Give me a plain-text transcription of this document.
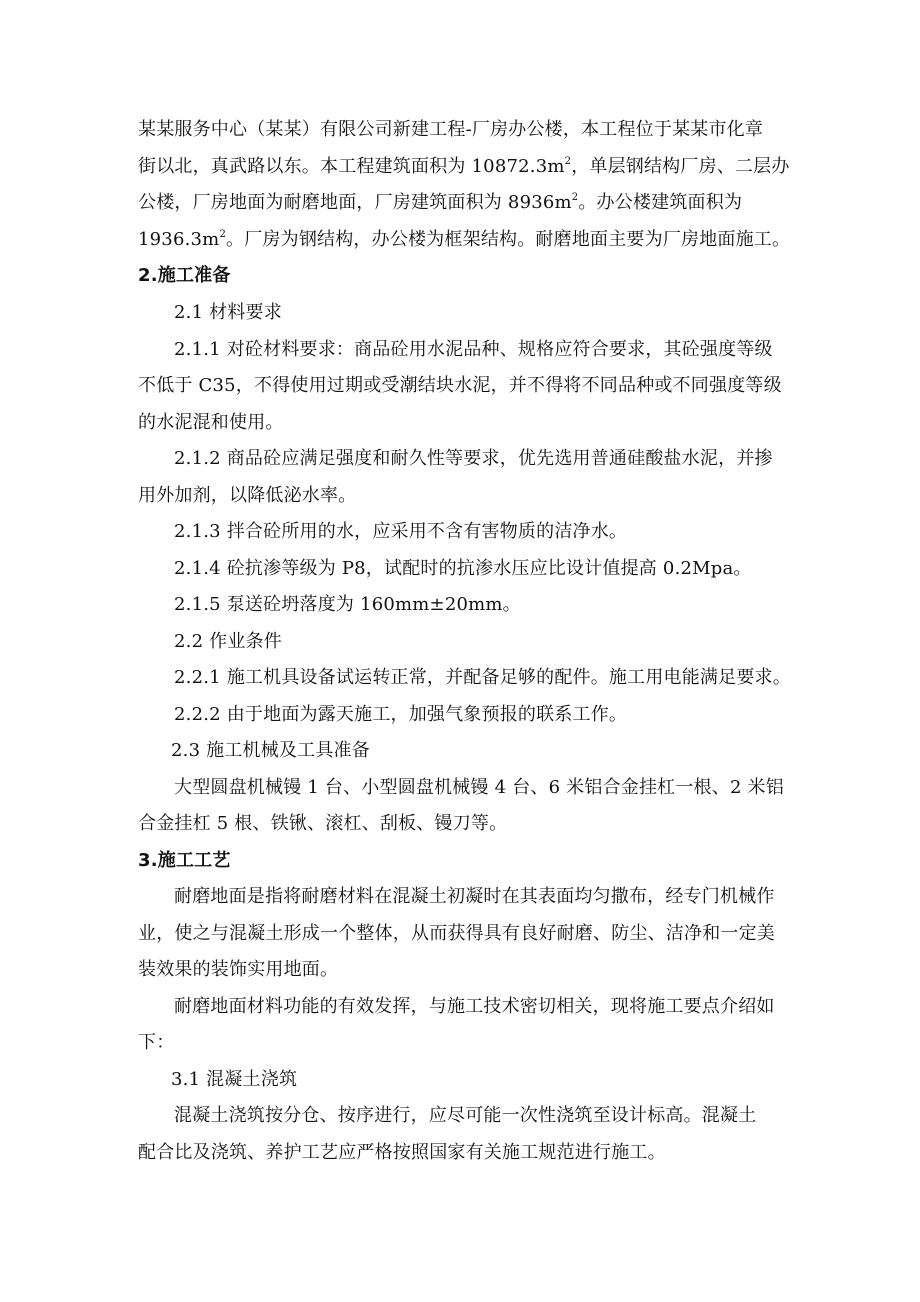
某某服务中心（某某）有限公司新建工程-厂房办公楼，本工程位于某某市化章
街以北，真武路以东。本工程建筑面积为 $10872.3m^2$，单层钢结构厂房、二层办
公楼，厂房地面为耐磨地面，厂房建筑面积为 $8936m^2$。办公楼建筑面积为
$1936.3m^2$。厂房为钢结构，办公楼为框架结构。耐磨地面主要为厂房地面施工。
2.施工准备
2.1 材料要求
2.1.1 对砼材料要求：商品砼用水泥品种、规格应符合要求，其砼强度等级
不低于 C35，不得使用过期或受潮结块水泥，并不得将不同品种或不同强度等级
的水泥混和使用。
2.1.2 商品砼应满足强度和耐久性等要求，优先选用普通硅酸盐水泥，并掺
用外加剂，以降低泌水率。
2.1.3 拌合砼所用的水，应采用不含有害物质的洁净水。
2.1.4 砼抗渗等级为 P8，试配时的抗渗水压应比设计值提高 0.2Mpa。
2.1.5 泵送砼坍落度为 160mm±20mm。
2.2 作业条件
2.2.1 施工机具设备试运转正常，并配备足够的配件。施工用电能满足要求。
2.2.2 由于地面为露天施工，加强气象预报的联系工作。
2.3 施工机械及工具准备
大型圆盘机械镘 1 台、小型圆盘机械镘 4 台、6 米铝合金挂杠一根、2 米铝
合金挂杠 5 根、铁锹、滚杠、刮板、镘刀等。
3.施工工艺
耐磨地面是指将耐磨材料在混凝土初凝时在其表面均匀撒布，经专门机械作
业，使之与混凝土形成一个整体，从而获得具有良好耐磨、防尘、洁净和一定美
装效果的装饰实用地面。
耐磨地面材料功能的有效发挥，与施工技术密切相关，现将施工要点介绍如
下：
3.1 混凝土浇筑
混凝土浇筑按分仓、按序进行，应尽可能一次性浇筑至设计标高。混凝土
配合比及浇筑、养护工艺应严格按照国家有关施工规范进行施工。
